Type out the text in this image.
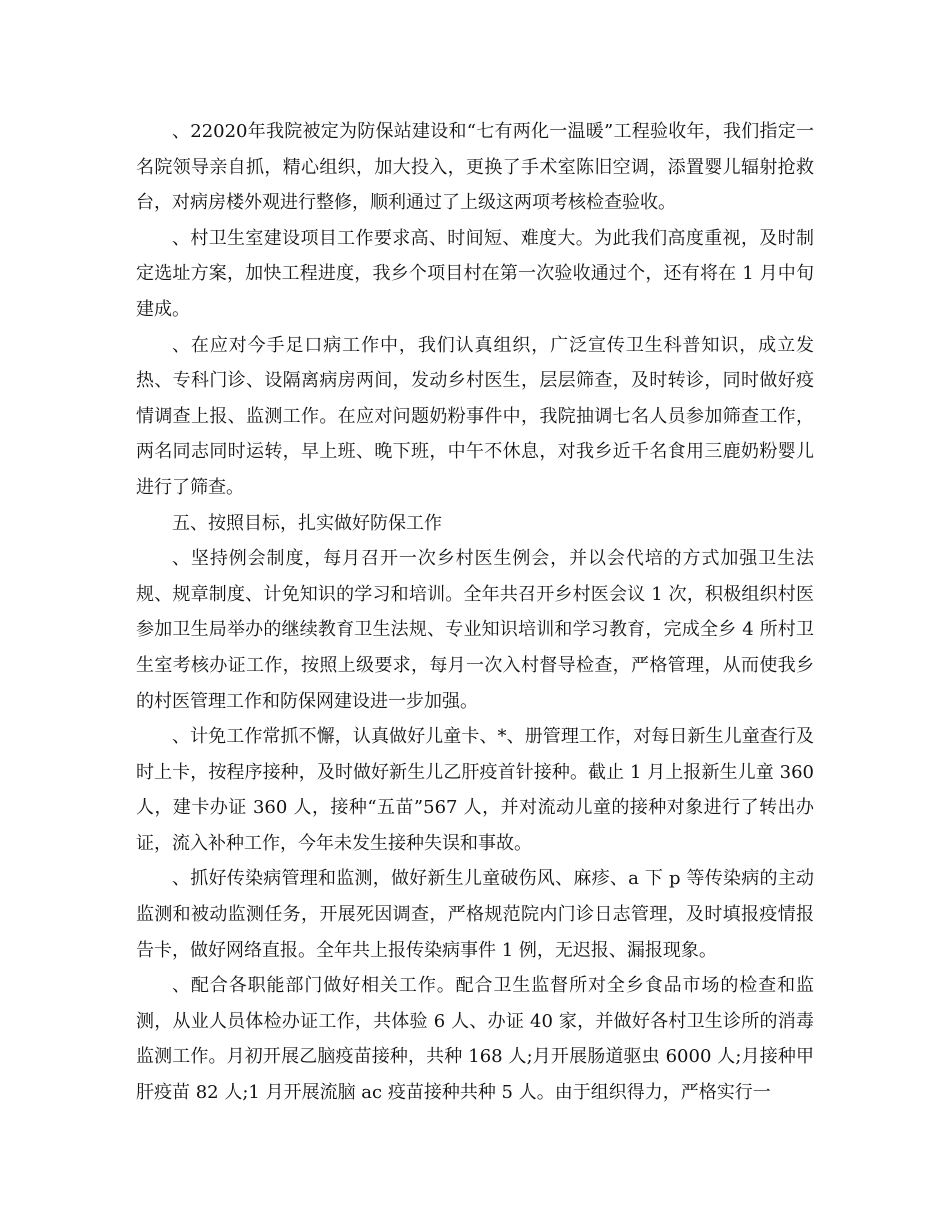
、22020年我院被定为防保站建设和“七有两化一温暖”工程验收年，我们指定一名院领导亲自抓，精心组织，加大投入，更换了手术室陈旧空调，添置婴儿辐射抢救台，对病房楼外观进行整修，顺利通过了上级这两项考核检查验收。

、村卫生室建设项目工作要求高、时间短、难度大。为此我们高度重视，及时制定选址方案，加快工程进度，我乡个项目村在第一次验收通过个，还有将在 1 月中旬建成。

、在应对今手足口病工作中，我们认真组织，广泛宣传卫生科普知识，成立发热、专科门诊、设隔离病房两间，发动乡村医生，层层筛查，及时转诊，同时做好疫情调查上报、监测工作。在应对问题奶粉事件中，我院抽调七名人员参加筛查工作，两名同志同时运转，早上班、晚下班，中午不休息，对我乡近千名食用三鹿奶粉婴儿进行了筛查。

五、按照目标，扎实做好防保工作

、坚持例会制度，每月召开一次乡村医生例会，并以会代培的方式加强卫生法规、规章制度、计免知识的学习和培训。全年共召开乡村医会议 1 次，积极组织村医参加卫生局举办的继续教育卫生法规、专业知识培训和学习教育，完成全乡 4 所村卫生室考核办证工作，按照上级要求，每月一次入村督导检查，严格管理，从而使我乡的村医管理工作和防保网建设进一步加强。

、计免工作常抓不懈，认真做好儿童卡、*、册管理工作，对每日新生儿童查行及时上卡，按程序接种，及时做好新生儿乙肝疫首针接种。截止 1 月上报新生儿童 360 人，建卡办证 360 人，接种“五苗”567 人，并对流动儿童的接种对象进行了转出办证，流入补种工作，今年未发生接种失误和事故。

、抓好传染病管理和监测，做好新生儿童破伤风、麻疹、a 下 p 等传染病的主动监测和被动监测任务，开展死因调查，严格规范院内门诊日志管理，及时填报疫情报告卡，做好网络直报。全年共上报传染病事件 1 例，无迟报、漏报现象。

、配合各职能部门做好相关工作。配合卫生监督所对全乡食品市场的检查和监测，从业人员体检办证工作，共体验 6 人、办证 40 家，并做好各村卫生诊所的消毒监测工作。月初开展乙脑疫苗接种，共种 168 人;月开展肠道驱虫 6000 人;月接种甲肝疫苗 82 人;1 月开展流脑 ac 疫苗接种共种 5 人。由于组织得力，严格实行一
